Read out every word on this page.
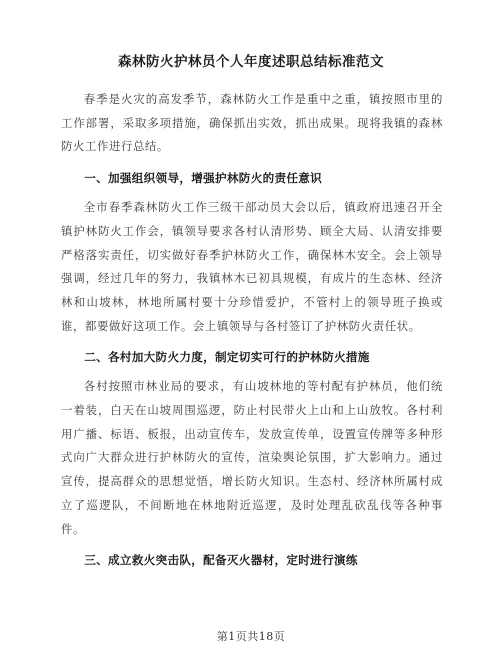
森林防火护林员个人年度述职总结标准范文

春季是火灾的高发季节，森林防火工作是重中之重，镇按照市里的工作部署，采取多项措施，确保抓出实效，抓出成果。现将我镇的森林防火工作进行总结。

一、加强组织领导，增强护林防火的责任意识

全市春季森林防火工作三级干部动员大会以后，镇政府迅速召开全镇护林防火工作会，镇领导要求各村认清形势、顾全大局、认清安排要严格落实责任，切实做好春季护林防火工作，确保林木安全。会上领导强调，经过几年的努力，我镇林木已初具规模，有成片的生态林、经济林和山坡林，林地所属村要十分珍惜爱护，不管村上的领导班子换或谁，都要做好这项工作。会上镇领导与各村签订了护林防火责任状。

二、各村加大防火力度，制定切实可行的护林防火措施

各村按照市林业局的要求，有山坡林地的等村配有护林员，他们统一着装，白天在山坡周围巡逻，防止村民带火上山和上山放牧。各村利用广播、标语、板报，出动宣传车，发放宣传单，设置宣传牌等多种形式向广大群众进行护林防火的宣传，渲染舆论氛围，扩大影响力。通过宣传，提高群众的思想觉悟，增长防火知识。生态村、经济林所属村成立了巡逻队，不间断地在林地附近巡逻，及时处理乱砍乱伐等各种事件。

三、成立救火突击队，配备灭火器材，定时进行演练

第1页共18页
